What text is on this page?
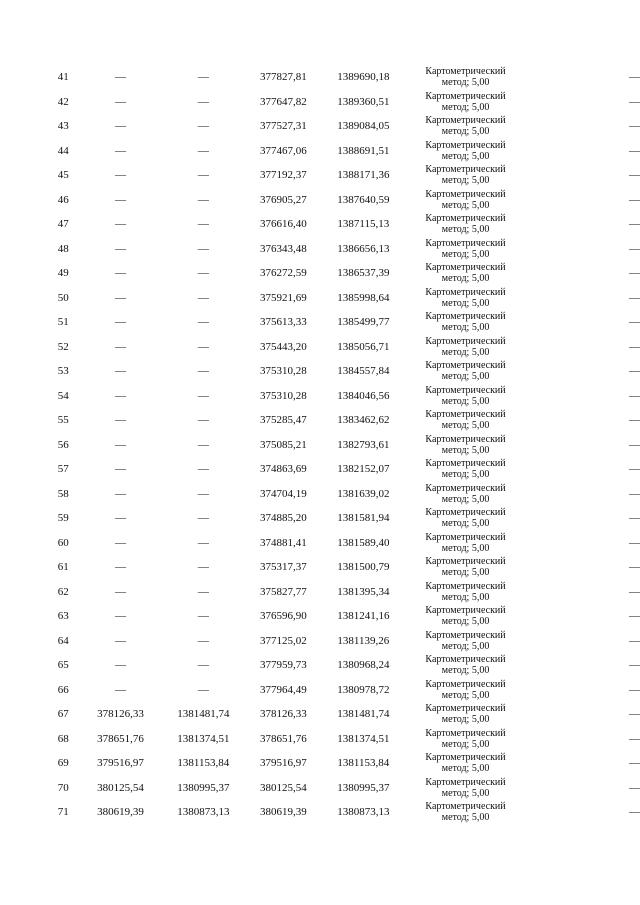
41	—	—	377827,81	1389690,18	Картометрический
метод; 5,00	—
42	—	—	377647,82	1389360,51	Картометрический
метод; 5,00	—
43	—	—	377527,31	1389084,05	Картометрический
метод; 5,00	—
44	—	—	377467,06	1388691,51	Картометрический
метод; 5,00	—
45	—	—	377192,37	1388171,36	Картометрический
метод; 5,00	—
46	—	—	376905,27	1387640,59	Картометрический
метод; 5,00	—
47	—	—	376616,40	1387115,13	Картометрический
метод; 5,00	—
48	—	—	376343,48	1386656,13	Картометрический
метод; 5,00	—
49	—	—	376272,59	1386537,39	Картометрический
метод; 5,00	—
50	—	—	375921,69	1385998,64	Картометрический
метод; 5,00	—
51	—	—	375613,33	1385499,77	Картометрический
метод; 5,00	—
52	—	—	375443,20	1385056,71	Картометрический
метод; 5,00	—
53	—	—	375310,28	1384557,84	Картометрический
метод; 5,00	—
54	—	—	375310,28	1384046,56	Картометрический
метод; 5,00	—
55	—	—	375285,47	1383462,62	Картометрический
метод; 5,00	—
56	—	—	375085,21	1382793,61	Картометрический
метод; 5,00	—
57	—	—	374863,69	1382152,07	Картометрический
метод; 5,00	—
58	—	—	374704,19	1381639,02	Картометрический
метод; 5,00	—
59	—	—	374885,20	1381581,94	Картометрический
метод; 5,00	—
60	—	—	374881,41	1381589,40	Картометрический
метод; 5,00	—
61	—	—	375317,37	1381500,79	Картометрический
метод; 5,00	—
62	—	—	375827,77	1381395,34	Картометрический
метод; 5,00	—
63	—	—	376596,90	1381241,16	Картометрический
метод; 5,00	—
64	—	—	377125,02	1381139,26	Картометрический
метод; 5,00	—
65	—	—	377959,73	1380968,24	Картометрический
метод; 5,00	—
66	—	—	377964,49	1380978,72	Картометрический
метод; 5,00	—
67	378126,33	1381481,74	378126,33	1381481,74	Картометрический
метод; 5,00	—
68	378651,76	1381374,51	378651,76	1381374,51	Картометрический
метод; 5,00	—
69	379516,97	1381153,84	379516,97	1381153,84	Картометрический
метод; 5,00	—
70	380125,54	1380995,37	380125,54	1380995,37	Картометрический
метод; 5,00	—
71	380619,39	1380873,13	380619,39	1380873,13	Картометрический
метод; 5,00	—
